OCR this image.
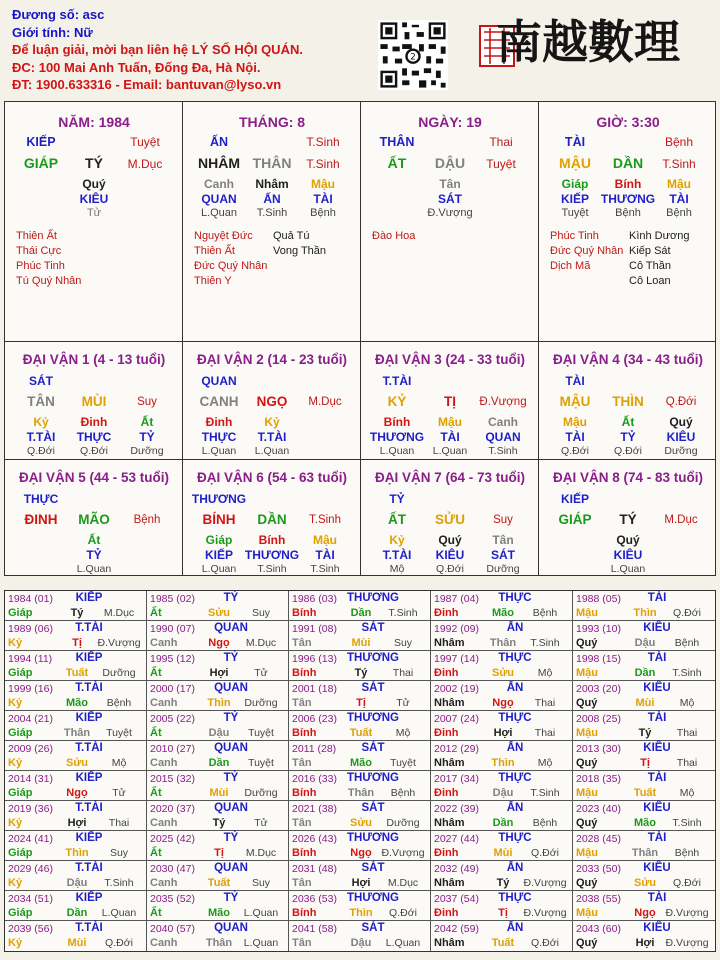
Đương số: asc
Giới tính: Nữ
Để luận giải, mời bạn liên hệ LÝ SỐ HỘI QUÁN.
ĐC: 100 Mai Anh Tuấn, Đống Đa, Hà Nội.
ĐT: 1900.633316 - Email: bantuvan@lyso.vn
2 南越數理
NĂM: 1984
KIẾP	Tuyệt
GIÁP TÝ M.Dục
Quý
KIÊU
Tử
Thiên Ất
Thái Cực
Phúc Tinh
Tú Quý Nhân
THÁNG: 8
ẤN	T.Sinh
NHÂM THÂN T.Sinh
Canh
QUAN
L.Quan
Nhâm
ẤN
T.Sinh
Mậu
TÀI
Bệnh
Nguyệt Đức
Thiên Ất
Đức Quý Nhân
Thiên Y
Quả Tú
Vong Thần
NGÀY: 19
THÂN	Thai
ẤT DẬU Tuyệt
Tân
SÁT
Đ.Vượng
Đào Hoa
GIỜ: 3:30
TÀI	Bệnh
MẬU DẦN T.Sinh
Giáp
KIẾP
Tuyệt
Bính
THƯƠNG
Bệnh
Mậu
TÀI
Bệnh
Phúc Tinh
Đức Quý Nhân
Dịch Mã
Kình Dương
Kiếp Sát
Cô Thần
Cô Loan
ĐẠI VẬN 1 (4 - 13 tuổi)
SÁT
TÂN MÙI	Suy
Kỷ
T.TÀI
Q.Đới
Đinh
THỰC
Q.Đới
Ất
TỶ
Dưỡng
ĐẠI VẬN 2 (14 - 23 tuổi)
QUAN
CANH NGỌ M.Dục
Đinh
THỰC
L.Quan
Kỷ
T.TÀI
L.Quan
ĐẠI VẬN 3 (24 - 33 tuổi)
T.TÀI
KỶ	TỊ Đ.Vượng
Bính
THƯƠNG
L.Quan
Mậu
TÀI
L.Quan
Canh
QUAN
T.Sinh
ĐẠI VẬN 4 (34 - 43 tuổi)
TÀI
MẬU THÌN Q.Đới
Mậu
TÀI
Q.Đới
Ất
TỶ
Q.Đới
Quý
KIÊU
Dưỡng
ĐẠI VẬN 5 (44 - 53 tuổi)
THỰC
ĐINH MÃO Bệnh
Ất
TỶ
L.Quan
ĐẠI VẬN 6 (54 - 63 tuổi)
THƯƠNG
BÍNH DẦN T.Sinh
Giáp
KIẾP
L.Quan
Bính
THƯƠNG
T.Sinh
Mậu
TÀI
T.Sinh
ĐẠI VẬN 7 (64 - 73 tuổi)
TỶ
ẤT SỬU Suy
Kỷ
T.TÀI
Mộ
Quý
KIÊU
Q.Đới
Tân
SÁT
Dưỡng
ĐẠI VẬN 8 (74 - 83 tuổi)
KIẾP
GIÁP TÝ M.Dục
Quý
KIÊU
L.Quan
1984 (01) KIẾP
Giáp	Tý M.Dục
1985 (02) TỶ
Ất	Sửu Suy
1986 (03) THƯƠNG
Bính	Dần T.Sinh
1987 (04) THỰC
Đinh	Mão Bệnh
1988 (05) TÀI
Mậu	Thìn Q.Đới
1989 (06) T.TÀI
Kỷ	Tị Đ.Vượng
1990 (07) QUAN
Canh	Ngọ M.Dục
1991 (08) SÁT
Tân	Mùi Suy
1992 (09) ẤN
Nhâm Thân T.Sinh
1993 (10) KIÊU
Quý	Dậu Bệnh
1994 (11) KIẾP
Giáp	Tuất Dưỡng
1995 (12) TỶ
Ất	Hợi Tử
1996 (13) THƯƠNG
Bính	Tý Thai
1997 (14) THỰC
Đinh	Sửu Mộ
1998 (15) TÀI
Mậu	Dần T.Sinh
1999 (16) T.TÀI
Kỷ	Mão Bệnh
2000 (17) QUAN
Canh	Thìn Dưỡng
2001 (18) SÁT
Tân	Tị	Tử
2002 (19) ẤN
Nhâm	Ngọ Thai
2003 (20) KIÊU
Quý	Mùi Mộ
2004 (21) KIẾP
Giáp	Thân Tuyệt
2005 (22) TỶ
Ất	Dậu Tuyệt
2006 (23) THƯƠNG
Bính	Tuất Mộ
2007 (24) THỰC
Đinh	Hợi Thai
2008 (25) TÀI
Mậu	Tý Thai
2009 (26) T.TÀI
Kỷ	Sửu Mộ
2010 (27) QUAN
Canh	Dần Tuyệt
2011 (28) SÁT
Tân	Mão Tuyệt
2012 (29) ẤN
Nhâm Thìn Mộ
2013 (30) KIÊU
Quý	Tị	Thai
2014 (31) KIẾP
Giáp	Ngọ Tử
2015 (32) TỶ
Ất	Mùi Dưỡng
2016 (33) THƯƠNG
Bính	Thân Bệnh
2017 (34) THỰC
Đinh	Dậu T.Sinh
2018 (35) TÀI
Mậu	Tuất Mộ
2019 (36) T.TÀI
Kỷ	Hợi Thai
2020 (37) QUAN
Canh	Tý	Tử
2021 (38) SÁT
Tân	Sửu Dưỡng
2022 (39) ẤN
Nhâm	Dần Bệnh
2023 (40) KIÊU
Quý	Mão T.Sinh
2024 (41) KIẾP
Giáp	Thìn Suy
2025 (42) TỶ
Ất	Tị M.Dục
2026 (43) THƯƠNG
Bính	Ngọ Đ.Vượng
2027 (44) THỰC
Đinh	Mùi Q.Đới
2028 (45) TÀI
Mậu	Thân Bệnh
2029 (46) T.TÀI
Kỷ	Dậu T.Sinh
2030 (47) QUAN
Canh	Tuất Suy
2031 (48) SÁT
Tân	Hợi M.Dục
2032 (49) ẤN
Nhâm	Tý Đ.Vượng
2033 (50) KIÊU
Quý	Sửu Q.Đới
2034 (51) KIẾP
Giáp	Dần L.Quan
2035 (52) TỶ
Ất	Mão L.Quan
2036 (53) THƯƠNG
Bính	Thìn Q.Đới
2037 (54) THỰC
Đinh	Tị Đ.Vượng
2038 (55) TÀI
Mậu	Ngọ Đ.Vượng
2039 (56) T.TÀI
Kỷ	Mùi Q.Đới
2040 (57) QUAN
Canh	Thân L.Quan
2041 (58) SÁT
Tân	Dậu L.Quan
2042 (59) ẤN
Nhâm Tuất Q.Đới
2043 (60) KIÊU
Quý	Hợi Đ.Vượng
